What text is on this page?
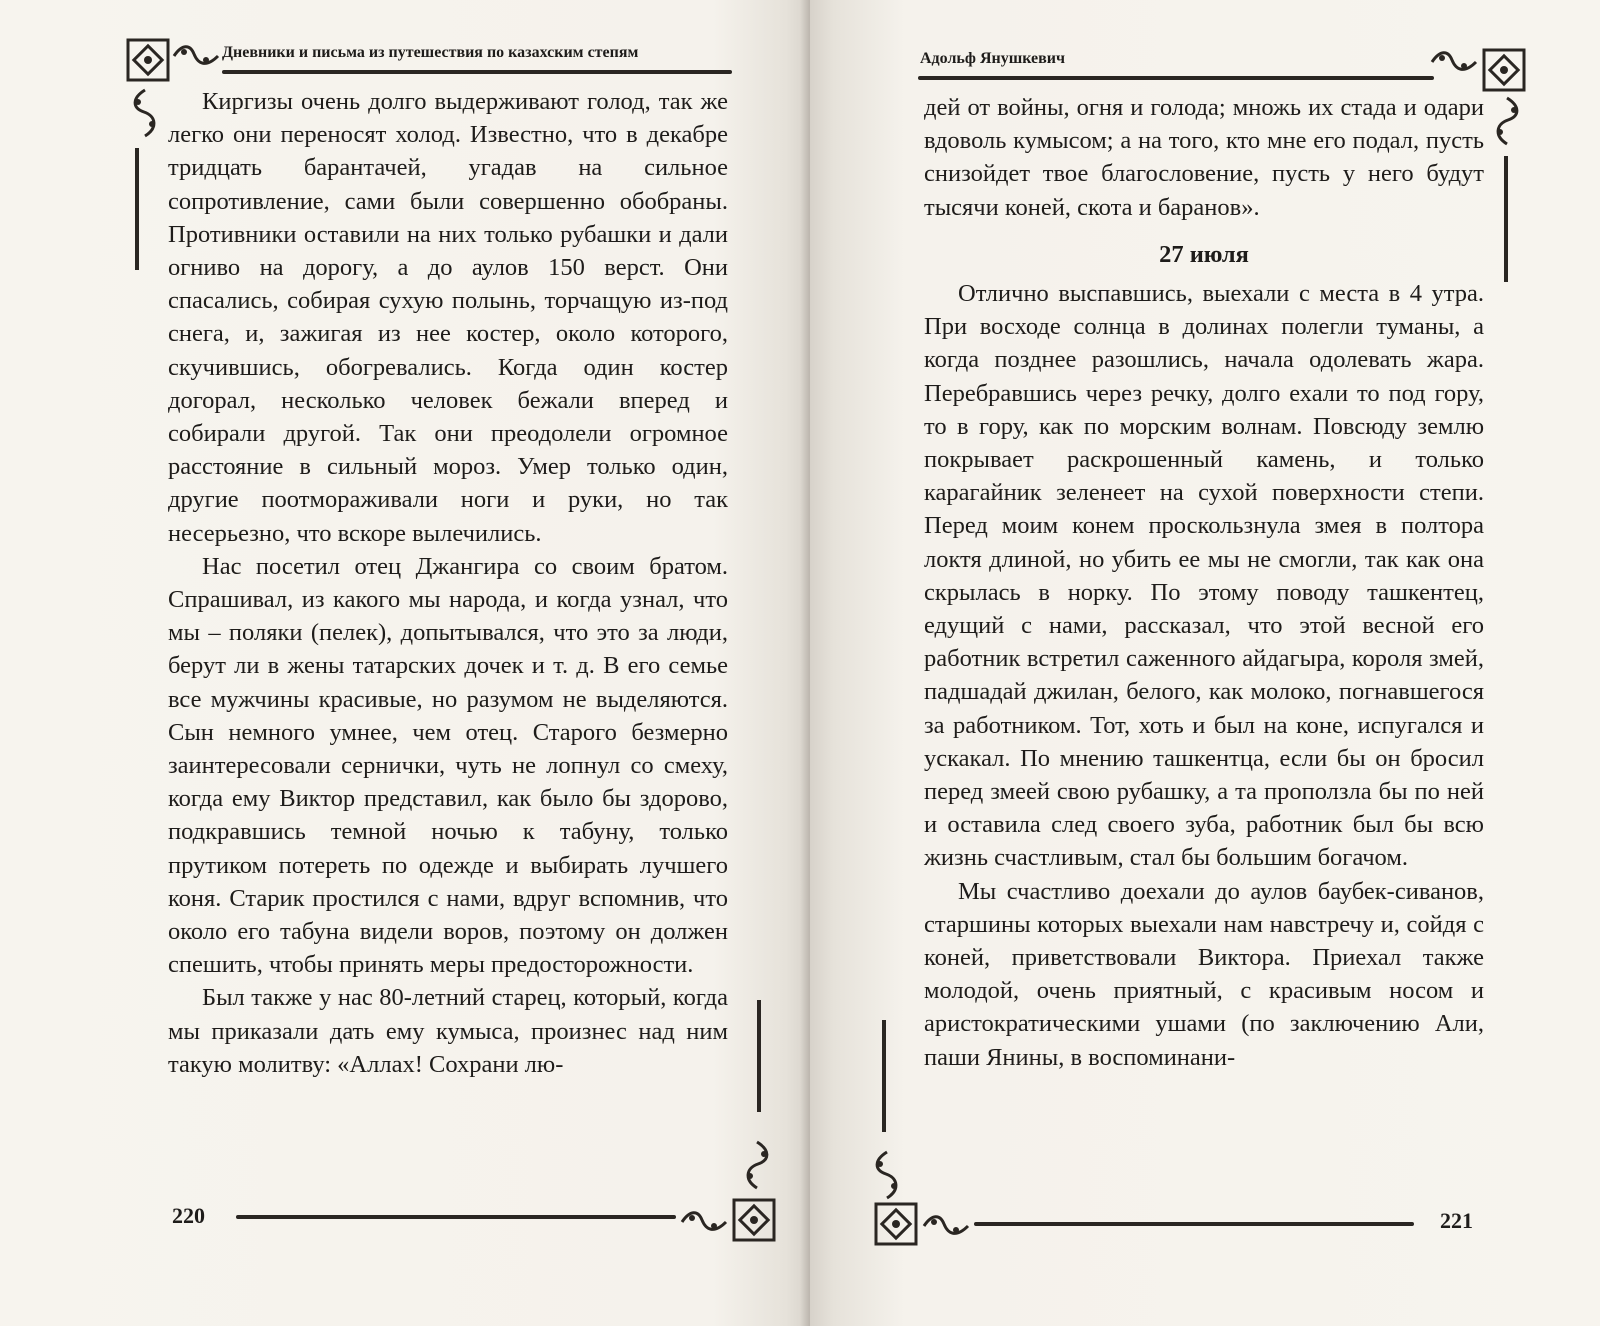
Дневники и письма из путешествия по казахским степям

Киргизы очень долго выдерживают голод, так же легко они переносят холод. Известно, что в декабре тридцать барантачей, угадав на сильное сопротивление, сами были совершенно обобраны. Противники оставили на них только рубашки и дали огниво на дорогу, а до аулов 150 верст. Они спасались, собирая сухую полынь, торчащую из-под снега, и, зажигая из нее костер, около которого, скучившись, обогревались. Когда один костер догорал, несколько человек бежали вперед и собирали другой. Так они преодолели огромное расстояние в сильный мороз. Умер только один, другие поотморaживали ноги и руки, но так несерьезно, что вскоре вылечились.

Нас посетил отец Джангира со своим братом. Спрашивал, из какого мы народа, и когда узнал, что мы – поляки (пелек), допытывался, что это за люди, берут ли в жены татарских дочек и т. д. В его семье все мужчины красивые, но разумом не выделяются. Сын немного умнее, чем отец. Старого безмерно заинтересовали сернички, чуть не лопнул со смеху, когда ему Виктор представил, как было бы здорово, подкравшись темной ночью к табуну, только прутиком потереть по одежде и выбирать лучшего коня. Старик простился с нами, вдруг вспомнив, что около его табуна видели воров, поэтому он должен спешить, чтобы принять меры предосторожности.

Был также у нас 80-летний старец, который, когда мы приказали дать ему кумыса, произнес над ним такую молитву: «Аллах! Сохрани лю-

220
Адольф Янушкевич

дей от войны, огня и голода; множь их стада и одари вдоволь кумысом; а на того, кто мне его подал, пусть снизойдет твое благословение, пусть у него будут тысячи коней, скота и баранов».

27 июля

Отлично выспавшись, выехали с места в 4 утра. При восходе солнца в долинах полегли туманы, а когда позднее разошлись, начала одолевать жара. Перебравшись через речку, долго ехали то под гору, то в гору, как по морским волнам. Повсюду землю покрывает раскрошенный камень, и только карагайник зеленеет на сухой поверхности степи. Перед моим конем проскользнула змея в полтора локтя длиной, но убить ее мы не смогли, так как она скрылась в норку. По этому поводу ташкентец, едущий с нами, рассказал, что этой весной его работник встретил саженного айдагыра, короля змей, падшадай джилан, белого, как молоко, погнавшегося за работником. Тот, хоть и был на коне, испугался и ускакал. По мнению ташкентца, если бы он бросил перед змеей свою рубашку, а та проползла бы по ней и оставила след своего зуба, работник был бы всю жизнь счастливым, стал бы большим богачом.

Мы счастливо доехали до аулов баубек-сиванов, старшины которых выехали нам навстречу и, сойдя с коней, приветствовали Виктора. Приехал также молодой, очень приятный, с красивым носом и аристократическими ушами (по заключению Али, паши Янины, в воспоминани-

221
